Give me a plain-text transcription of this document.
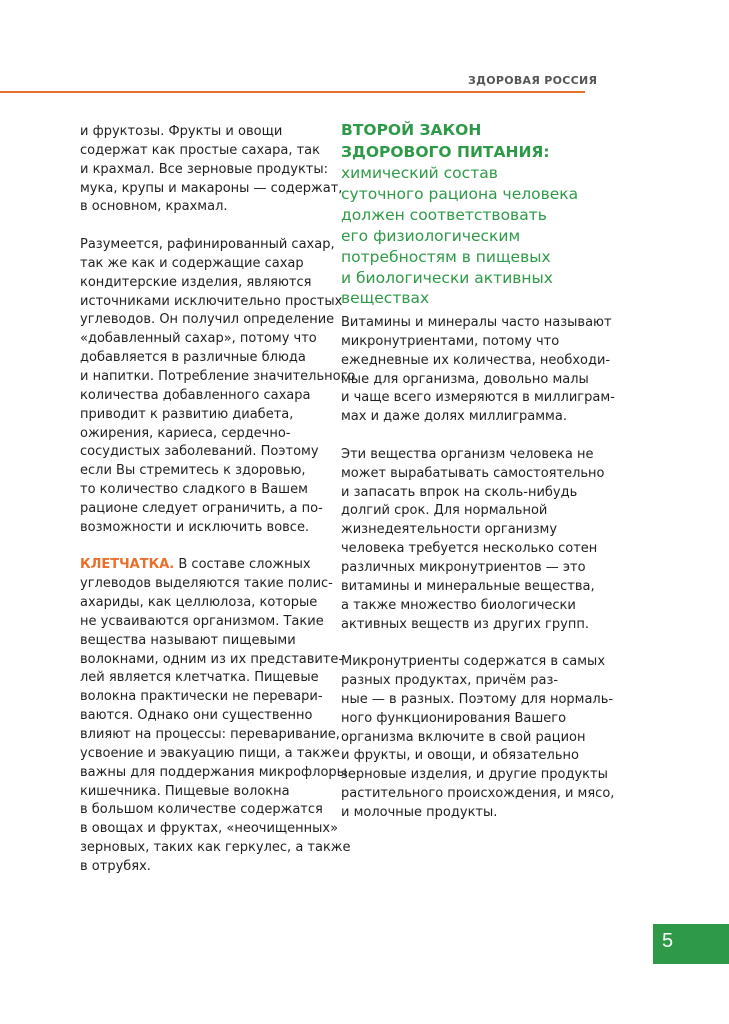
ЗДОРОВАЯ РОССИЯ
и фруктозы. Фрукты и овощи
содержат как простые сахара, так
и крахмал. Все зерновые продукты:
мука, крупы и макароны — содержат,
в основном, крахмал.
Разумеется, рафинированный сахар,
так же как и содержащие сахар
кондитерские изделия, являются
источниками исключительно простых
углеводов. Он получил определение
«добавленный сахар», потому что
добавляется в различные блюда
и напитки. Потребление значительного
количества добавленного сахара
приводит к развитию диабета,
ожирения, кариеса, сердечно-
сосудистых заболеваний. Поэтому
если Вы стремитесь к здоровью,
то количество сладкого в Вашем
рационе следует ограничить, а по-
возможности и исключить вовсе.
КЛЕТЧАТКА. В составе сложных
углеводов выделяются такие полис-
ахариды, как целлюлоза, которые
не усваиваются организмом. Такие
вещества называют пищевыми
волокнами, одним из их представите-
лей является клетчатка. Пищевые
волокна практически не перевари-
ваются. Однако они существенно
влияют на процессы: переваривание,
усвоение и эвакуацию пищи, а также
важны для поддержания микрофлоры
кишечника. Пищевые волокна
в большом количестве содержатся
в овощах и фруктах, «неочищенных»
зерновых, таких как геркулес, а также
в отрубях.
ВТОРОЙ ЗАКОН
ЗДОРОВОГО ПИТАНИЯ:
химический состав
суточного рациона человека
должен соответствовать
его физиологическим
потребностям в пищевых
и биологически активных
веществах
Витамины и минералы часто называют
микронутриентами, потому что
ежедневные их количества, необходи-
мые для организма, довольно малы
и чаще всего измеряются в миллиграм-
мах и даже долях миллиграмма.
Эти вещества организм человека не
может вырабатывать самостоятельно
и запасать впрок на сколь-нибудь
долгий срок. Для нормальной
жизнедеятельности организму
человека требуется несколько сотен
различных микронутриентов — это
витамины и минеральные вещества,
а также множество биологически
активных веществ из других групп.
Микронутриенты содержатся в самых
разных продуктах, причём раз-
ные — в разных. Поэтому для нормаль-
ного функционирования Вашего
организма включите в свой рацион
и фрукты, и овощи, и обязательно
зерновые изделия, и другие продукты
растительного происхождения, и мясо,
и молочные продукты.
5
